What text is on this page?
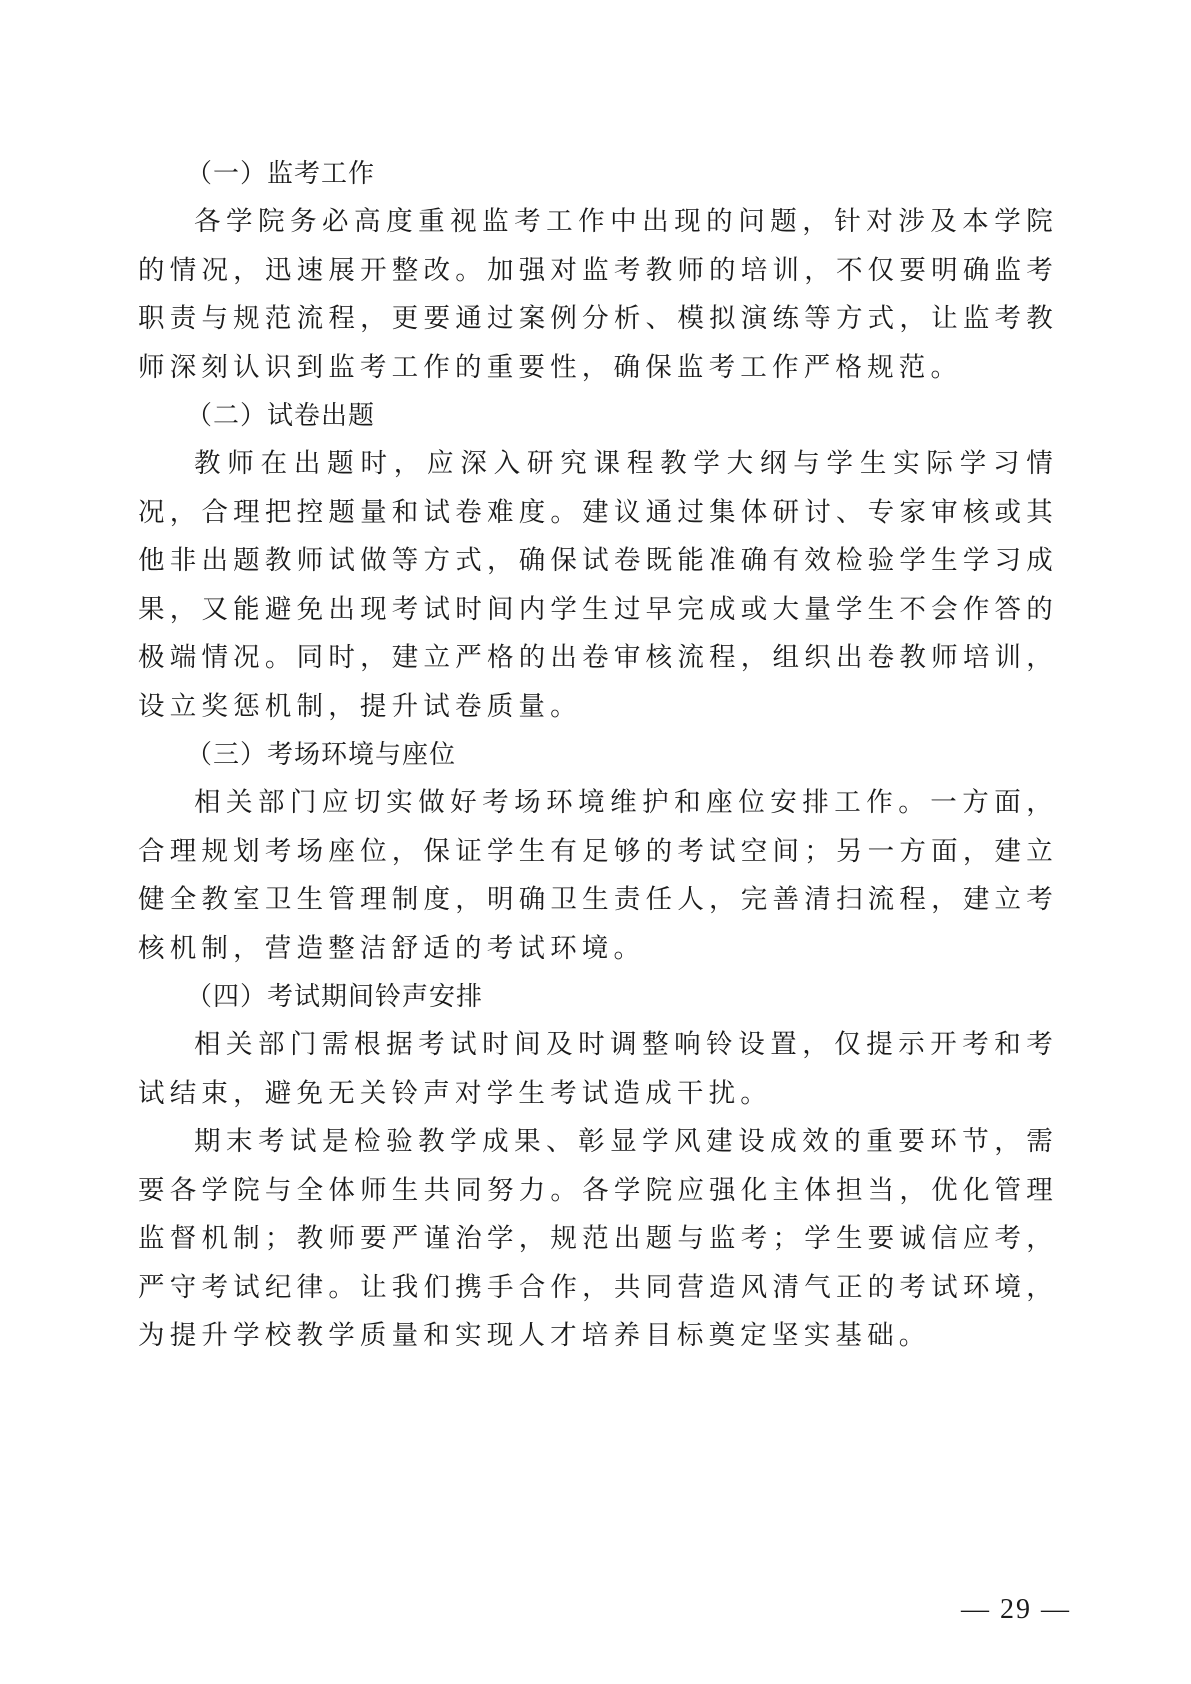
（一）监考工作

各学院务必高度重视监考工作中出现的问题，针对涉及本学院的情况，迅速展开整改。加强对监考教师的培训，不仅要明确监考职责与规范流程，更要通过案例分析、模拟演练等方式，让监考教师深刻认识到监考工作的重要性，确保监考工作严格规范。

（二）试卷出题

教师在出题时，应深入研究课程教学大纲与学生实际学习情况，合理把控题量和试卷难度。建议通过集体研讨、专家审核或其他非出题教师试做等方式，确保试卷既能准确有效检验学生学习成果，又能避免出现考试时间内学生过早完成或大量学生不会作答的极端情况。同时，建立严格的出卷审核流程，组织出卷教师培训，设立奖惩机制，提升试卷质量。

（三）考场环境与座位

相关部门应切实做好考场环境维护和座位安排工作。一方面，合理规划考场座位，保证学生有足够的考试空间；另一方面，建立健全教室卫生管理制度，明确卫生责任人，完善清扫流程，建立考核机制，营造整洁舒适的考试环境。

（四）考试期间铃声安排

相关部门需根据考试时间及时调整响铃设置，仅提示开考和考试结束，避免无关铃声对学生考试造成干扰。

期末考试是检验教学成果、彰显学风建设成效的重要环节，需要各学院与全体师生共同努力。各学院应强化主体担当，优化管理监督机制；教师要严谨治学，规范出题与监考；学生要诚信应考，严守考试纪律。让我们携手合作，共同营造风清气正的考试环境，为提升学校教学质量和实现人才培养目标奠定坚实基础。

— 29 —
